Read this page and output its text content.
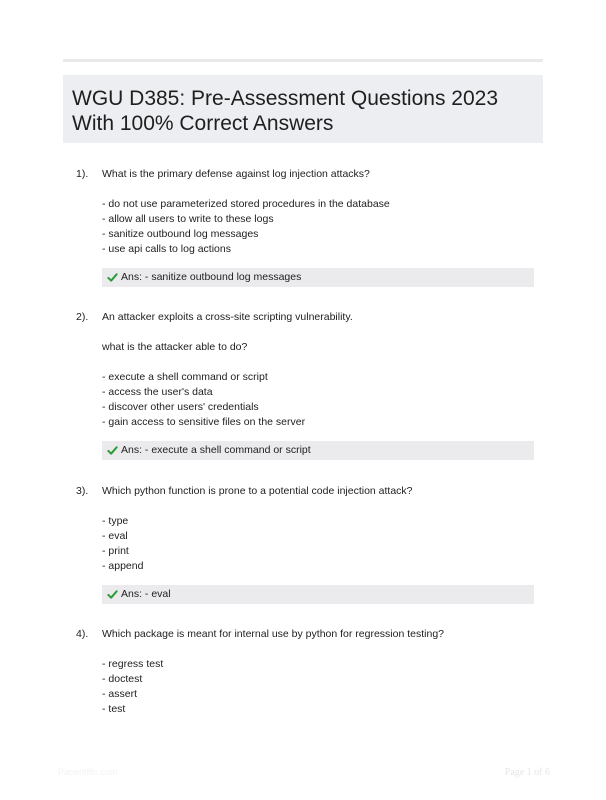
WGU D385: Pre-Assessment Questions 2023
With 100% Correct Answers
1). What is the primary defense against log injection attacks?
- do not use parameterized stored procedures in the database
- allow all users to write to these logs
- sanitize outbound log messages
- use api calls to log actions
Ans: - sanitize outbound log messages
2). An attacker exploits a cross-site scripting vulnerability.
what is the attacker able to do?
- execute a shell command or script
- access the user's data
- discover other users' credentials
- gain access to sensitive files on the server
Ans: - execute a shell command or script
3). Which python function is prone to a potential code injection attack?
- type
- eval
- print
- append
Ans: - eval
4). Which package is meant for internal use by python for regression testing?
- regress test
- doctest
- assert
- test
Papertiffic.com	Page 1 of 6
